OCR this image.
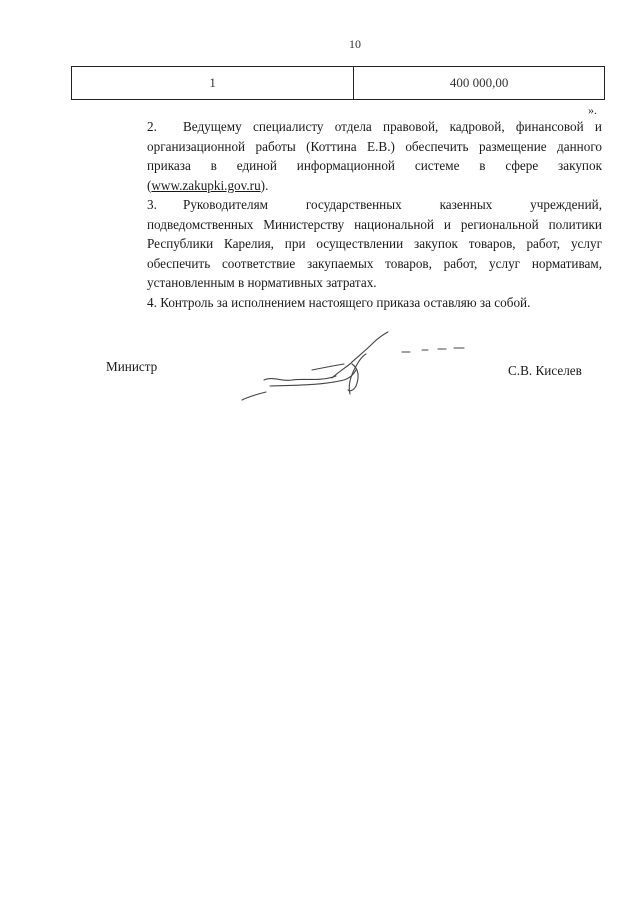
10
1	400 000,00
».

2. Ведущему специалисту отдела правовой, кадровой, финансовой и организационной работы (Коттина Е.В.) обеспечить размещение данного приказа в единой информационной системе в сфере закупок
(www.zakupki.gov.ru).

3. Руководителям государственных казенных учреждений, подведомственных Министерству национальной и региональной политики Республики Карелия, при осуществлении закупок товаров, работ, услуг обеспечить соответствие закупаемых товаров, работ, услуг нормативам,
установленным в нормативных затратах.

4. Контроль за исполнением настоящего приказа оставляю за собой.

Министр	С.В. Киселев
